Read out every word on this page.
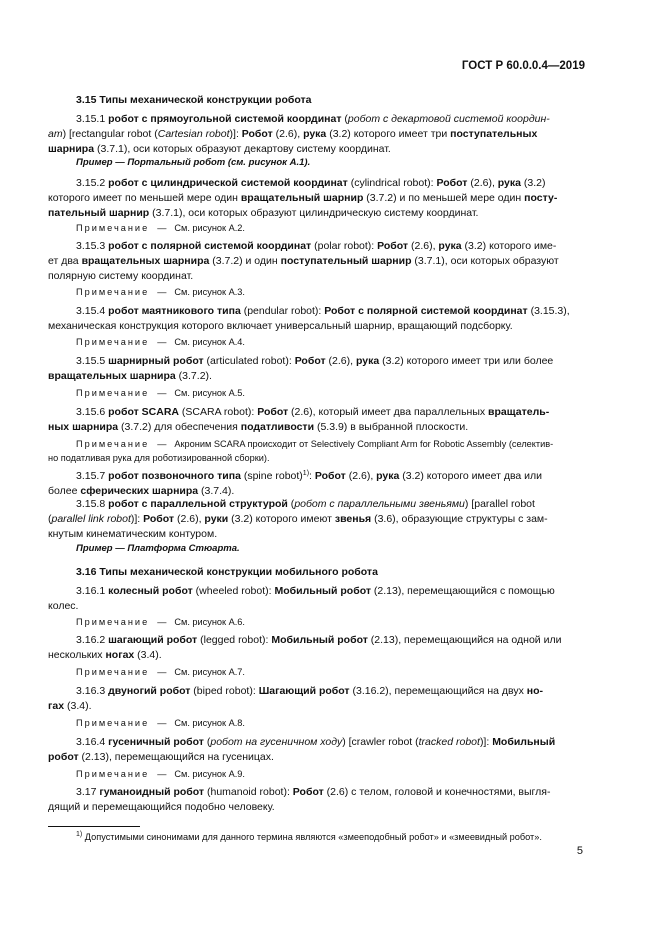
ГОСТ Р 60.0.0.4—2019
3.15 Типы механической конструкции робота
3.15.1 робот с прямоугольной системой координат (робот с декартовой системой координ-
ат) [rectangular robot (Cartesian robot)]: Робот (2.6), рука (3.2) которого имеет три поступательных
шарнира (3.7.1), оси которых образуют декартову систему координат.
Пример — Портальный робот (см. рисунок А.1).
3.15.2 робот с цилиндрической системой координат (cylindrical robot): Робот (2.6), рука (3.2)
которого имеет по меньшей мере один вращательный шарнир (3.7.2) и по меньшей мере один посту-
пательный шарнир (3.7.1), оси которых образуют цилиндрическую систему координат.
Примечание — См. рисунок А.2.
3.15.3 робот с полярной системой координат (polar robot): Робот (2.6), рука (3.2) которого име-
ет два вращательных шарнира (3.7.2) и один поступательный шарнир (3.7.1), оси которых образуют
полярную систему координат.
Примечание — См. рисунок А.3.
3.15.4 робот маятникового типа (pendular robot): Робот с полярной системой координат (3.15.3),
механическая конструкция которого включает универсальный шарнир, вращающий подсборку.
Примечание — См. рисунок А.4.
3.15.5 шарнирный робот (articulated robot): Робот (2.6), рука (3.2) которого имеет три или более
вращательных шарнира (3.7.2).
Примечание — См. рисунок А.5.
3.15.6 робот SCARA (SCARA robot): Робот (2.6), который имеет два параллельных вращатель-
ных шарнира (3.7.2) для обеспечения податливости (5.3.9) в выбранной плоскости.
Примечание — Акроним SCARA происходит от Selectively Compliant Arm for Robotic Assembly (селектив-
но податливая рука для роботизированной сборки).
3.15.7 робот позвоночного типа (spine robot)$^{1)}$: Робот (2.6), рука (3.2) которого имеет два или
более сферических шарнира (3.7.4).
3.15.8 робот с параллельной структурой (робот с параллельными звеньями) [parallel robot
(parallel link robot)]: Робот (2.6), руки (3.2) которого имеют звенья (3.6), образующие структуры с зам-
кнутым кинематическим контуром.
Пример — Платформа Стюарта.
3.16 Типы механической конструкции мобильного робота
3.16.1 колесный робот (wheeled robot): Мобильный робот (2.13), перемещающийся с помощью
колес.
Примечание — См. рисунок А.6.
3.16.2 шагающий робот (legged robot): Мобильный робот (2.13), перемещающийся на одной или
нескольких ногах (3.4).
Примечание — См. рисунок А.7.
3.16.3 двуногий робот (biped robot): Шагающий робот (3.16.2), перемещающийся на двух но-
гах (3.4).
Примечание — См. рисунок А.8.
3.16.4 гусеничный робот (робот на гусеничном ходу) [crawler robot (tracked robot)]: Мобильный
робот (2.13), перемещающийся на гусеницах.
Примечание — См. рисунок А.9.
3.17 гуманоидный робот (humanoid robot): Робот (2.6) с телом, головой и конечностями, выгля-
дящий и перемещающийся подобно человеку.
$^{1)}$ Допустимыми синонимами для данного термина являются «змееподобный робот» и «змеевидный робот».
5
